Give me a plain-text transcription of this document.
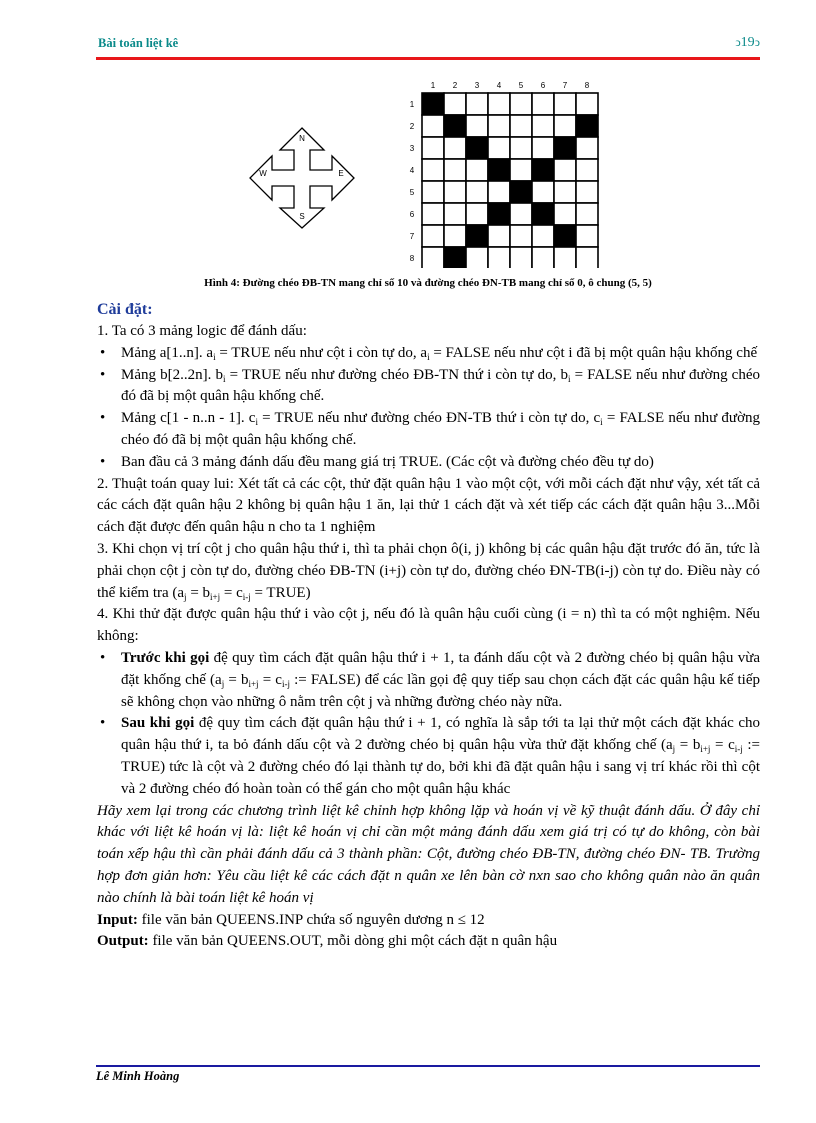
Bài toán liệt kê	ↄ19ↄ
N
W	E
S
1 2 3 4 5 6 7 8
1
2
3
4
5
6
7
8
Hình 4: Đường chéo ĐB-TN mang chỉ số 10 và đường chéo ĐN-TB mang chỉ số 0, ô chung (5, 5)

Cài đặt:

1. Ta có 3 mảng logic để đánh dấu:

• Mảng a[1..n]. $a_i$ = TRUE nếu như cột i còn tự do, $a_i$ = FALSE nếu như cột i đã bị một quân hậu khống chế

• Mảng b[2..2n]. $b_i$ = TRUE nếu như đường chéo ĐB-TN thứ i còn tự do, $b_i$ = FALSE nếu như đường chéo đó đã bị một quân hậu khống chế.

• Mảng c[1 - n..n - 1]. $c_i$ = TRUE nếu như đường chéo ĐN-TB thứ i còn tự do, $c_i$ = FALSE nếu như đường chéo đó đã bị một quân hậu khống chế.

• Ban đầu cả 3 mảng đánh dấu đều mang giá trị TRUE. (Các cột và đường chéo đều tự do)

2. Thuật toán quay lui: Xét tất cả các cột, thử đặt quân hậu 1 vào một cột, với mỗi cách đặt như vậy, xét tất cả các cách đặt quân hậu 2 không bị quân hậu 1 ăn, lại thử 1 cách đặt và xét tiếp các cách đặt quân hậu 3...Mỗi cách đặt được đến quân hậu n cho ta 1 nghiệm

3. Khi chọn vị trí cột j cho quân hậu thứ i, thì ta phải chọn ô(i, j) không bị các quân hậu đặt trước đó ăn, tức là phải chọn cột j còn tự do, đường chéo ĐB-TN (i+j) còn tự do, đường chéo ĐN-TB(i-j) còn tự do. Điều này có thể kiểm tra ($a_j = b_{i+j} = c_{i-j}$ = TRUE)

4. Khi thử đặt được quân hậu thứ i vào cột j, nếu đó là quân hậu cuối cùng (i = n) thì ta có một nghiệm. Nếu không:

• Trước khi gọi đệ quy tìm cách đặt quân hậu thứ i + 1, ta đánh dấu cột và 2 đường chéo bị quân hậu vừa đặt khống chế ($a_j = b_{i+j} = c_{i-j}$ := FALSE) để các lần gọi đệ quy tiếp sau chọn cách đặt các quân hậu kế tiếp sẽ không chọn vào những ô nằm trên cột j và những đường chéo này nữa.

• Sau khi gọi đệ quy tìm cách đặt quân hậu thứ i + 1, có nghĩa là sắp tới ta lại thử một cách đặt khác cho quân hậu thứ i, ta bỏ đánh dấu cột và 2 đường chéo bị quân hậu vừa thử đặt khống chế ($a_j = b_{i+j} = c_{i-j}$ := TRUE) tức là cột và 2 đường chéo đó lại thành tự do, bởi khi đã đặt quân hậu i sang vị trí khác rồi thì cột và 2 đường chéo đó hoàn toàn có thể gán cho một quân hậu khác

Hãy xem lại trong các chương trình liệt kê chỉnh hợp không lặp và hoán vị về kỹ thuật đánh dấu. Ở đây chỉ khác với liệt kê hoán vị là: liệt kê hoán vị chỉ cần một mảng đánh dấu xem giá trị có tự do không, còn bài toán xếp hậu thì cần phải đánh dấu cả 3 thành phần: Cột, đường chéo ĐB-TN, đường chéo ĐN- TB. Trường hợp đơn giản hơn: Yêu cầu liệt kê các cách đặt n quân xe lên bàn cờ nxn sao cho không quân nào ăn quân nào chính là bài toán liệt kê hoán vị

Input: file văn bản QUEENS.INP chứa số nguyên dương n ≤ 12

Output: file văn bản QUEENS.OUT, mỗi dòng ghi một cách đặt n quân hậu

Lê Minh Hoàng
